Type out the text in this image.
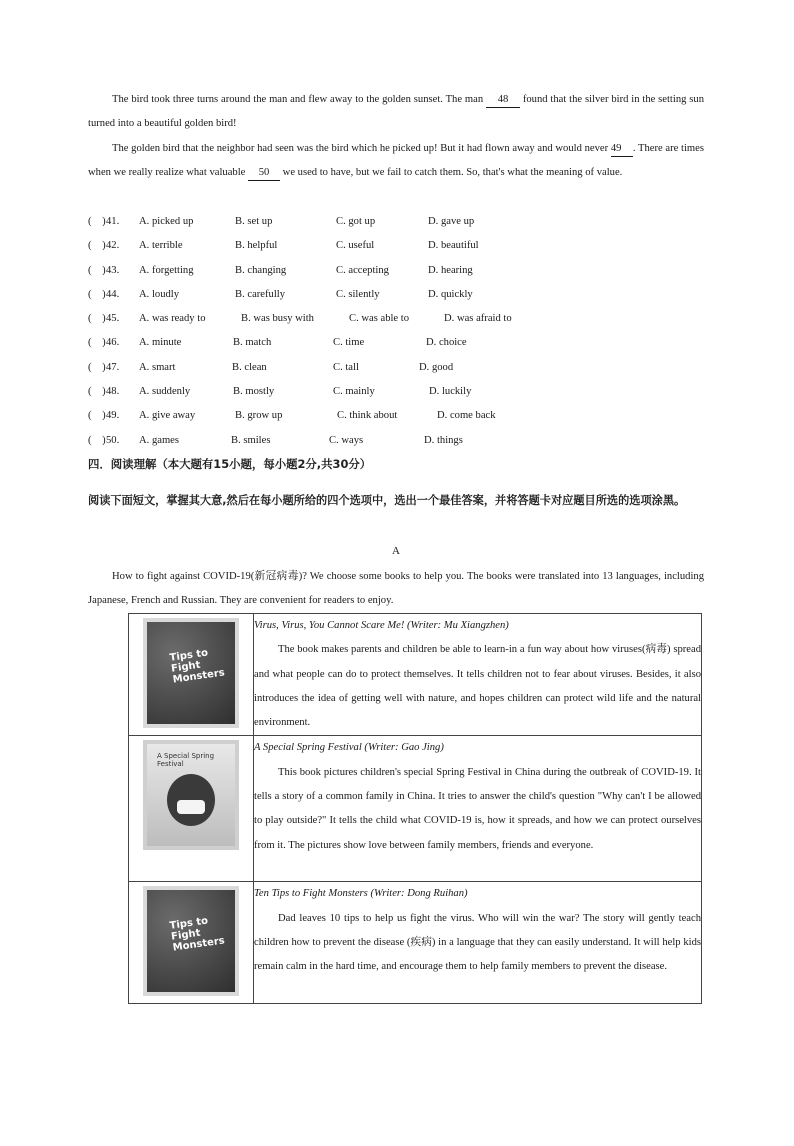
The bird took three turns around the man and flew away to the golden sunset. The man 48 found that the silver bird in the setting sun turned into a beautiful golden bird!

The golden bird that the neighbor had seen was the bird which he picked up! But it had flown away and would never 49 . There are times when we really realize what valuable 50 we used to have, but we fail to catch them. So, that's what the meaning of value.

( ) 41. A. picked up	B. set up	C. got up	D. gave up
( ) 42. A. terrible	B. helpful	C. useful	D. beautiful
( ) 43. A. forgetting	B. changing	C. accepting	D. hearing
( ) 44. A. loudly	B. carefully	C. silently	D. quickly
( ) 45. A. was ready to	B. was busy with	C. was able to	D. was afraid to
( ) 46. A. minute	B. match	C. time	D. choice
( ) 47. A. smart	B. clean	C. tall	D. good
( ) 48. A. suddenly	B. mostly	C. mainly	D. luckily
( ) 49. A. give away	B. grow up	C. think about	D. come back
( ) 50. A. games	B. smiles	C. ways	D. things
四．阅读理解（本大题有15小题，每小题2分,共30分）
阅读下面短文，掌握其大意,然后在每小题所给的四个选项中，选出一个最佳答案，并将答题卡对应题目所选的选项涂黑。
A

How to fight against COVID-19(新冠病毒)? We choose some books to help you. The books were translated into 13 languages, including Japanese, French and Russian. They are convenient for readers to enjoy.

Tips to Fight Monsters	Virus, Virus, You Cannot Scare Me! (Writer: Mu Xiangzhen)

The book makes parents and children be able to learn-in a fun way about how viruses(病毒) spread and what people can do to protect themselves. It tells children not to fear about viruses. Besides, it also introduces the idea of getting well with nature, and hopes children can protect wild life and the natural environment.

A Special Spring Festival	A Special Spring Festival (Writer: Gao Jing)

This book pictures children's special Spring Festival in China during the outbreak of COVID-19. It tells a story of a common family in China. It tries to answer the child's question "Why can't I be allowed to play outside?" It tells the child what COVID-19 is, how it spreads, and how we can protect ourselves from it. The pictures show love between family members, friends and everyone.

Tips to Fight Monsters	Ten Tips to Fight Monsters (Writer: Dong Ruihan)

Dad leaves 10 tips to help us fight the virus. Who will win the war? The story will gently teach children how to prevent the disease (疾病) in a language that they can easily understand. It will help kids remain calm in the hard time, and encourage them to help family members to prevent the disease.
